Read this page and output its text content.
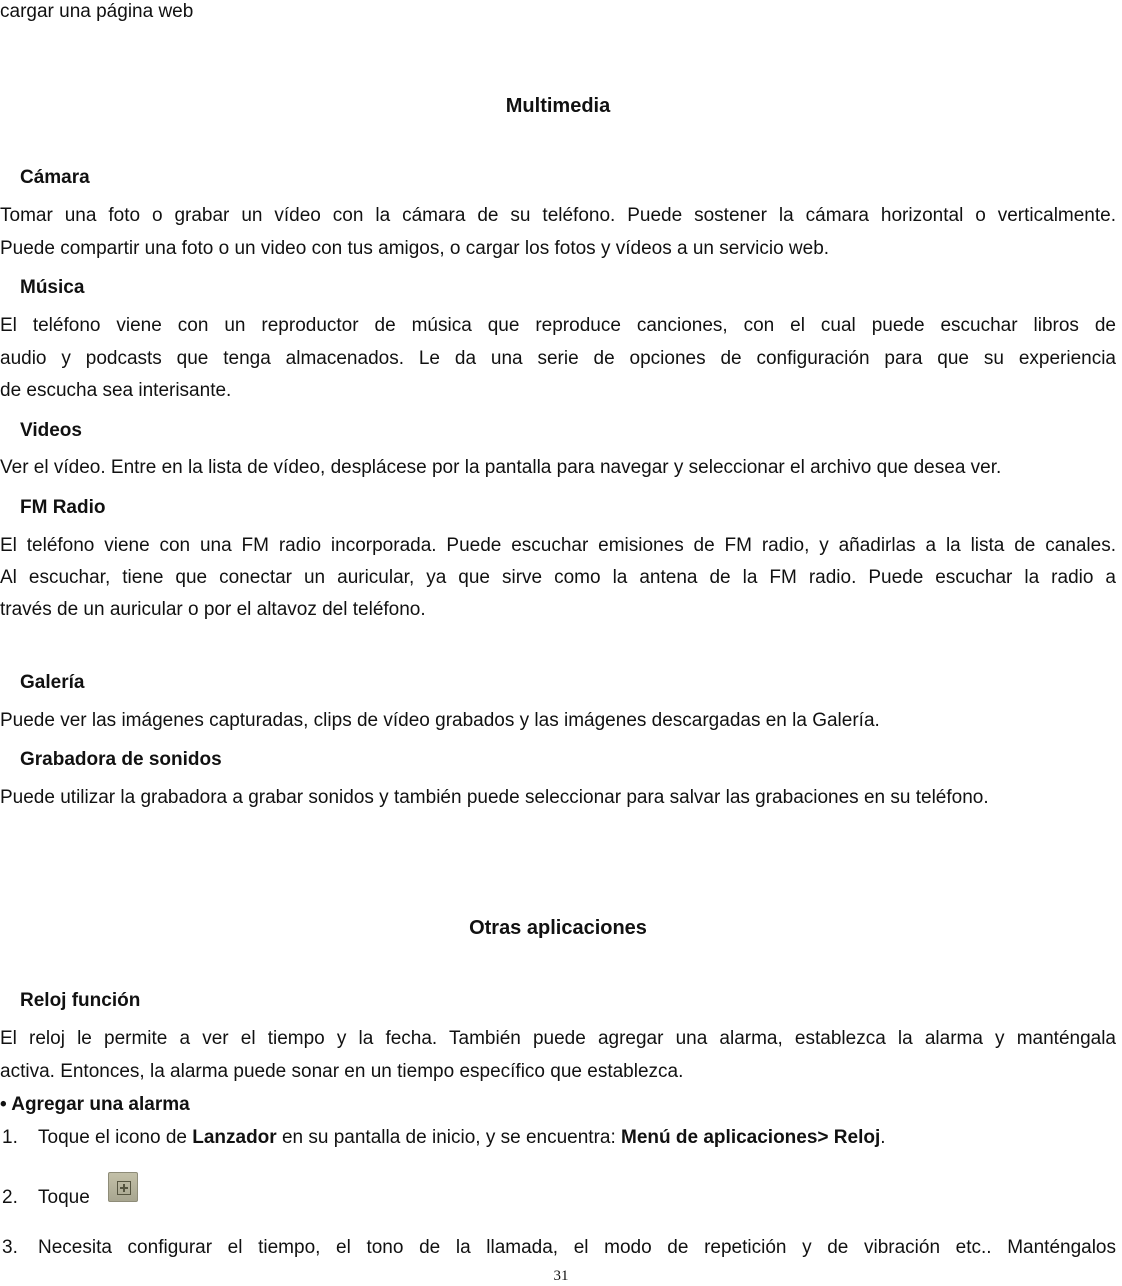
cargar una página web
Multimedia
Cámara
Tomar una foto o grabar un vídeo con la cámara de su teléfono. Puede sostener la cámara horizontal o verticalmente.
Puede compartir una foto o un video con tus amigos, o cargar los fotos y vídeos a un servicio web.
Música
El teléfono viene con un reproductor de música que reproduce canciones, con el cual puede escuchar libros de
audio y podcasts que tenga almacenados. Le da una serie de opciones de configuración para que su experiencia
de escucha sea interisante.
Videos
Ver el vídeo. Entre en la lista de vídeo, desplácese por la pantalla para navegar y seleccionar el archivo que desea ver.
FM Radio
El teléfono viene con una FM radio incorporada. Puede escuchar emisiones de FM radio, y añadirlas a la lista de canales.
Al escuchar, tiene que conectar un auricular, ya que sirve como la antena de la FM radio. Puede escuchar la radio a
través de un auricular o por el altavoz del teléfono.
Galería
Puede ver las imágenes capturadas, clips de vídeo grabados y las imágenes descargadas en la Galería.
Grabadora de sonidos
Puede utilizar la grabadora a grabar sonidos y también puede seleccionar para salvar las grabaciones en su teléfono.
Otras aplicaciones
Reloj función
El reloj le permite a ver el tiempo y la fecha. También puede agregar una alarma, establezca la alarma y manténgala
activa. Entonces, la alarma puede sonar en un tiempo específico que establezca.
• Agregar una alarma
1. Toque el icono de Lanzador en su pantalla de inicio, y se encuentra: Menú de aplicaciones> Reloj.
2. Toque
3. Necesita configurar el tiempo, el tono de la llamada, el modo de repetición y de vibración etc.. Manténgalos
31
